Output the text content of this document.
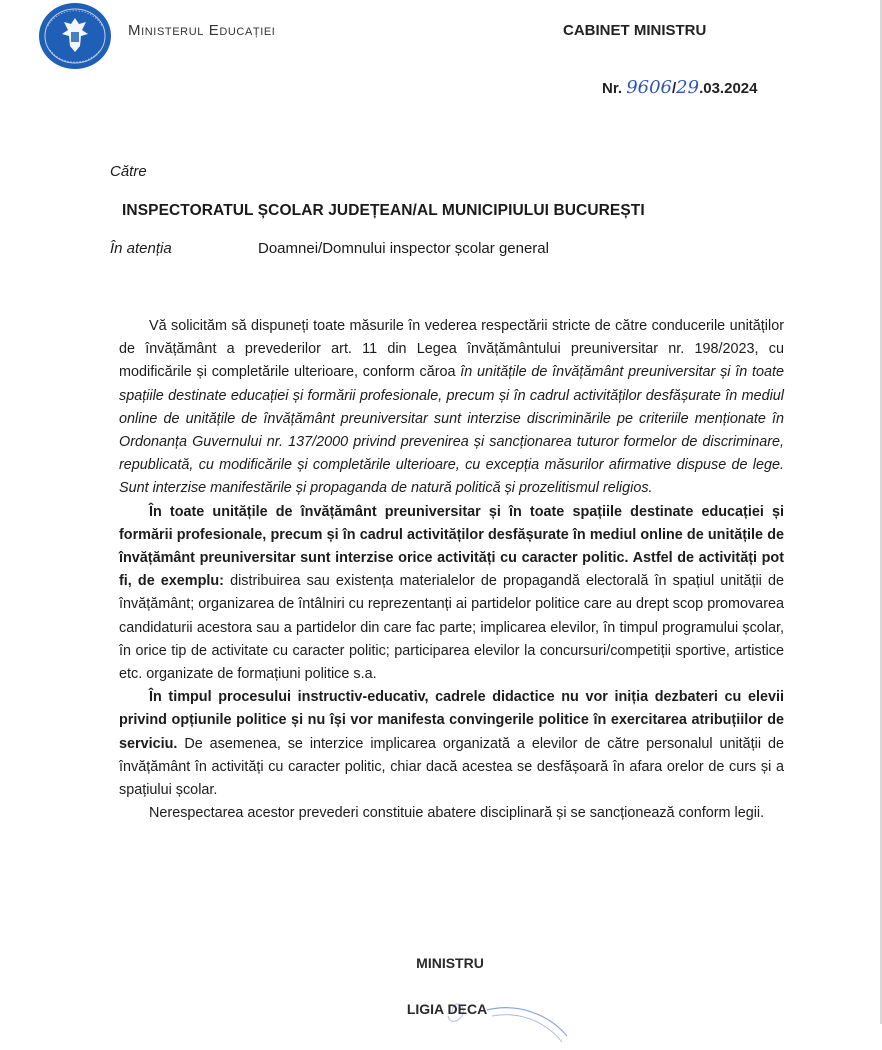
Ministerul Educației	CABINET MINISTRU
Nr. 9606/29.03.2024
Către
INSPECTORATUL ȘCOLAR JUDEȚEAN/AL MUNICIPIULUI BUCUREȘTI
În atenția	Doamnei/Domnului inspector școlar general

Vă solicităm să dispuneți toate măsurile în vederea respectării stricte de către conducerile unităților de învățământ a prevederilor art. 11 din Legea învățământului preuniversitar nr. 198/2023, cu modificările și completările ulterioare, conform căroa în unitățile de învățământ preuniversitar și în toate spațiile destinate educației și formării profesionale, precum și în cadrul activităților desfășurate în mediul online de unitățile de învățământ preuniversitar sunt interzise discriminările pe criteriile menționate în Ordonanța Guvernului nr. 137/2000 privind prevenirea și sancționarea tuturor formelor de discriminare, republicată, cu modificările și completările ulterioare, cu excepția măsurilor afirmative dispuse de lege. Sunt interzise manifestările și propaganda de natură politică și prozelitismul religios.

În toate unitățile de învățământ preuniversitar și în toate spațiile destinate educației și formării profesionale, precum și în cadrul activităților desfășurate în mediul online de unitățile de învățământ preuniversitar sunt interzise orice activități cu caracter politic. Astfel de activități pot fi, de exemplu: distribuirea sau existența materialelor de propagandă electorală în spațiul unității de învățământ; organizarea de întâlniri cu reprezentanți ai partidelor politice care au drept scop promovarea candidaturii acestora sau a partidelor din care fac parte; implicarea elevilor, în timpul programului școlar, în orice tip de activitate cu caracter politic; participarea elevilor la concursuri/competiții sportive, artistice etc. organizate de formațiuni politice s.a.

În timpul procesului instructiv-educativ, cadrele didactice nu vor iniția dezbateri cu elevii privind opțiunile politice și nu își vor manifesta convingerile politice în exercitarea atribuțiilor de serviciu. De asemenea, se interzice implicarea organizată a elevilor de către personalul unității de învățământ în activități cu caracter politic, chiar dacă acestea se desfășoară în afara orelor de curs și a spațiului școlar.

Nerespectarea acestor prevederi constituie abatere disciplinară și se sancționează conform legii.

MINISTRU
LIGIA DECA
